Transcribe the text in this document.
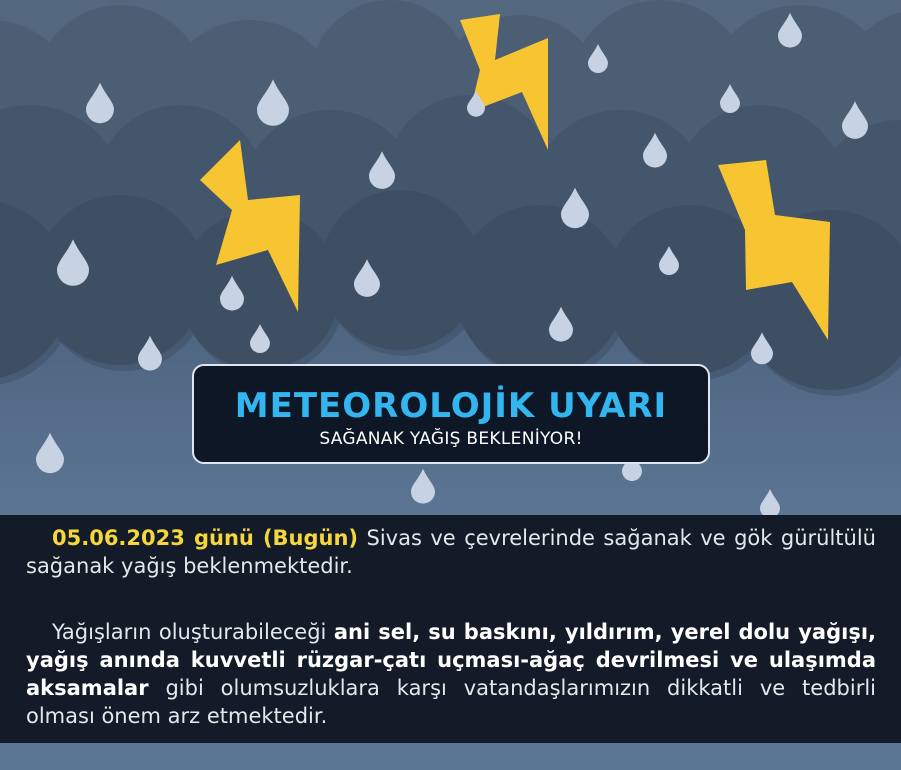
METEOROLOJİK UYARI
SAĞANAK YAĞIŞ BEKLENİYOR!

05.06.2023 günü (Bugün) Sivas ve çevrelerinde sağanak ve gök gürültülü sağanak yağış beklenmektedir.

Yağışların oluşturabileceği ani sel, su baskını, yıldırım, yerel dolu yağışı, yağış anında kuvvetli rüzgar-çatı uçması-ağaç devrilmesi ve ulaşımda aksamalar gibi olumsuzluklara karşı vatandaşlarımızın dikkatli ve tedbirli olması önem arz etmektedir.
